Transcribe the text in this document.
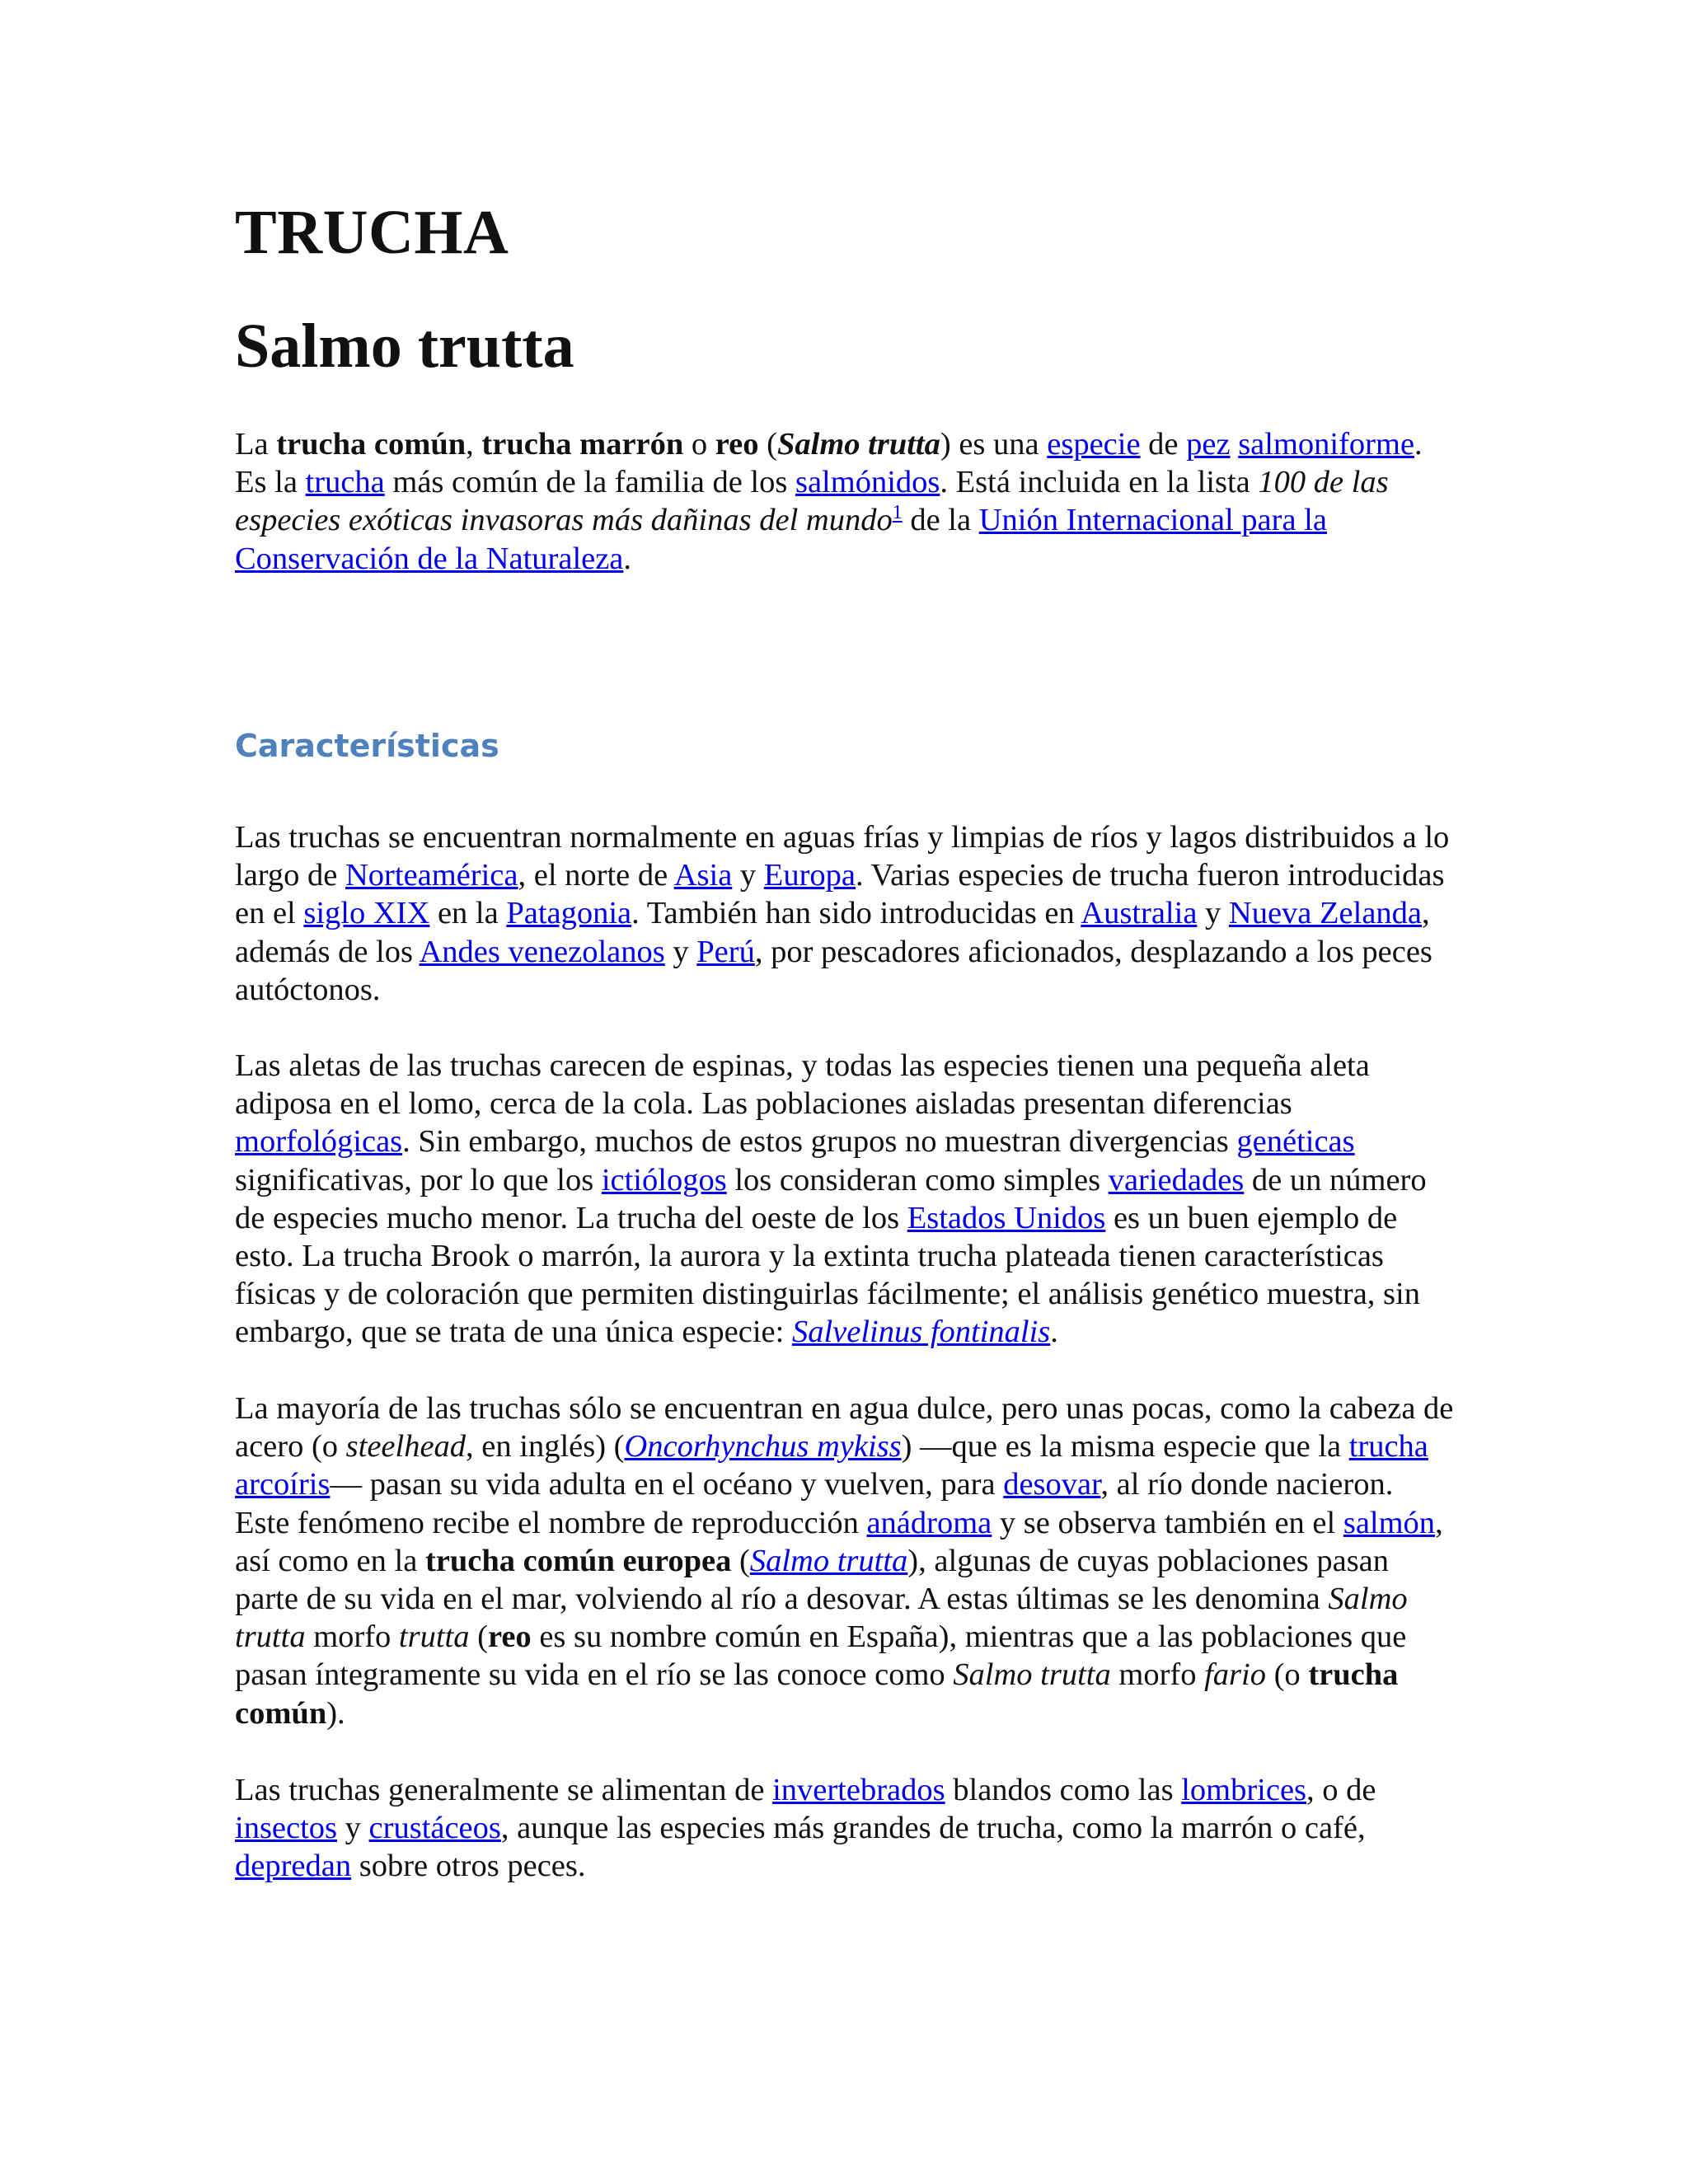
TRUCHA
Salmo trutta

La trucha común, trucha marrón o reo (Salmo trutta) es una especie de pez salmoniforme. Es la trucha más común de la familia de los salmónidos. Está incluida en la lista 100 de las especies exóticas invasoras más dañinas del mundo$^1$ de la Unión Internacional para la Conservación de la Naturaleza.

Características

Las truchas se encuentran normalmente en aguas frías y limpias de ríos y lagos distribuidos a lo largo de Norteamérica, el norte de Asia y Europa. Varias especies de trucha fueron introducidas en el siglo XIX en la Patagonia. También han sido introducidas en Australia y Nueva Zelanda, además de los Andes venezolanos y Perú, por pescadores aficionados, desplazando a los peces autóctonos.

Las aletas de las truchas carecen de espinas, y todas las especies tienen una pequeña aleta adiposa en el lomo, cerca de la cola. Las poblaciones aisladas presentan diferencias morfológicas. Sin embargo, muchos de estos grupos no muestran divergencias genéticas significativas, por lo que los ictiólogos los consideran como simples variedades de un número de especies mucho menor. La trucha del oeste de los Estados Unidos es un buen ejemplo de esto. La trucha Brook o marrón, la aurora y la extinta trucha plateada tienen características físicas y de coloración que permiten distinguirlas fácilmente; el análisis genético muestra, sin embargo, que se trata de una única especie: Salvelinus fontinalis.

La mayoría de las truchas sólo se encuentran en agua dulce, pero unas pocas, como la cabeza de acero (o steelhead, en inglés) (Oncorhynchus mykiss) —que es la misma especie que la trucha arcoíris— pasan su vida adulta en el océano y vuelven, para desovar, al río donde nacieron. Este fenómeno recibe el nombre de reproducción anádroma y se observa también en el salmón, así como en la trucha común europea (Salmo trutta), algunas de cuyas poblaciones pasan parte de su vida en el mar, volviendo al río a desovar. A estas últimas se les denomina Salmo trutta morfo trutta (reo es su nombre común en España), mientras que a las poblaciones que pasan íntegramente su vida en el río se las conoce como Salmo trutta morfo fario (o trucha común).

Las truchas generalmente se alimentan de invertebrados blandos como las lombrices, o de insectos y crustáceos, aunque las especies más grandes de trucha, como la marrón o café, depredan sobre otros peces.
